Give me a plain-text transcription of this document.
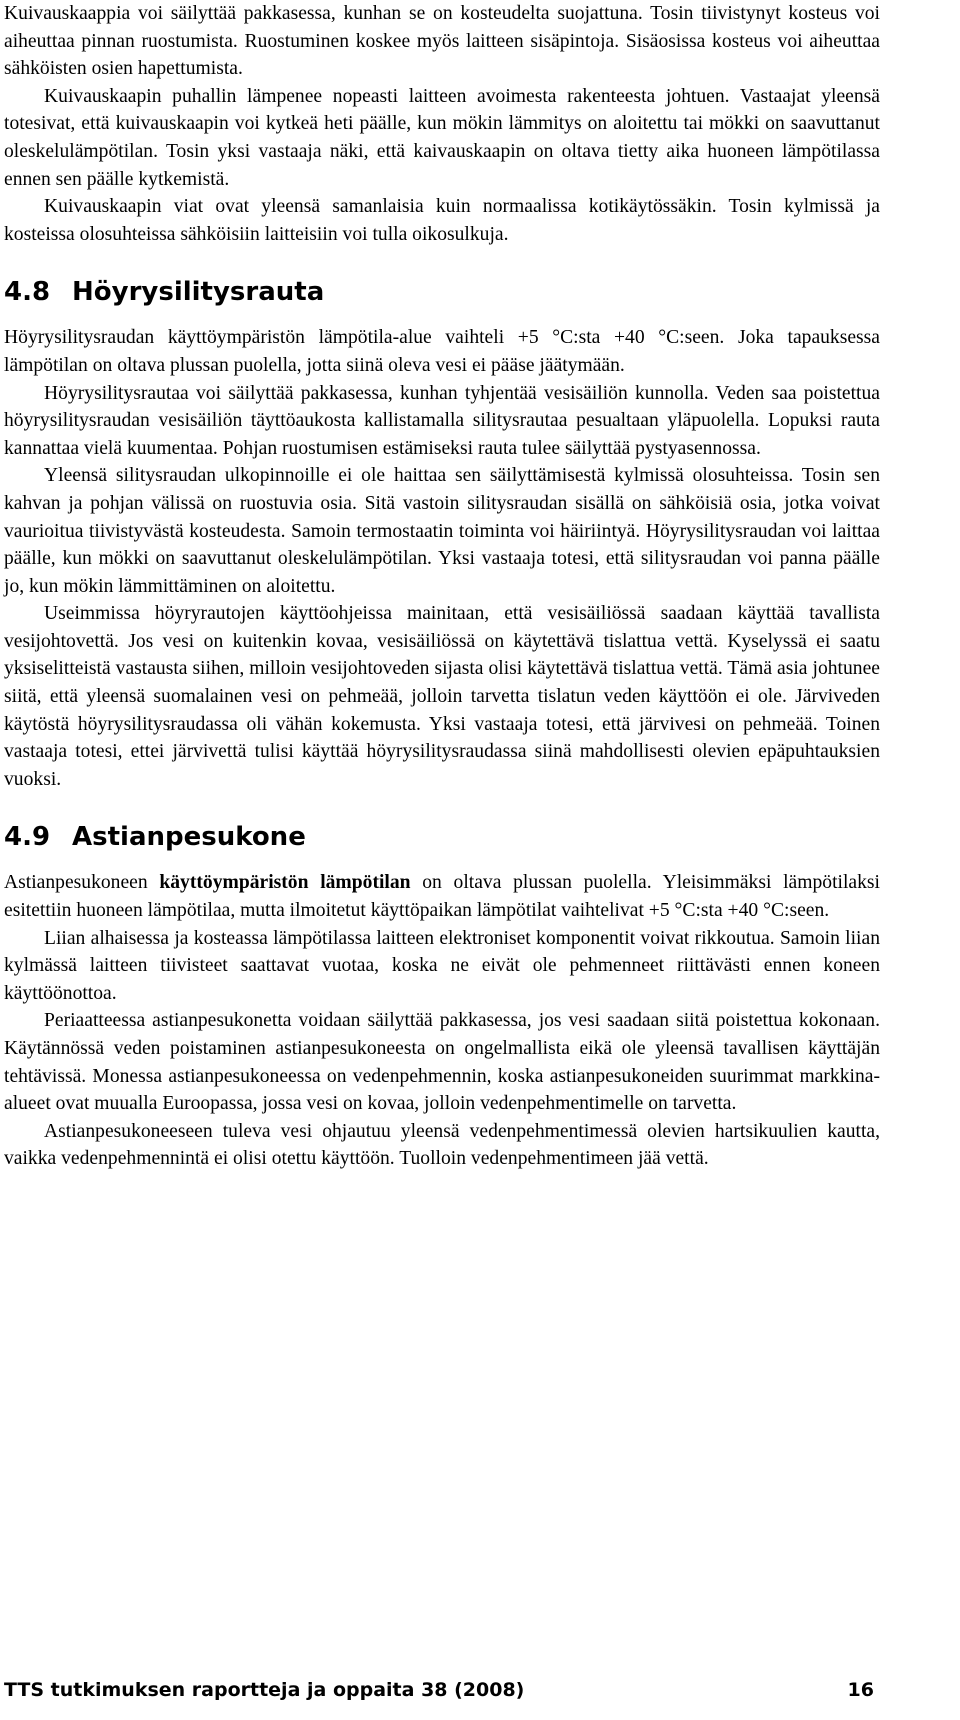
Kuivauskaappia voi säilyttää pakkasessa, kunhan se on kosteudelta suojattuna. Tosin tiivistynyt kosteus voi aiheuttaa pinnan ruostumista. Ruostuminen koskee myös laitteen sisäpintoja. Sisäosissa kosteus voi aiheuttaa sähköisten osien hapettumista.

Kuivauskaapin puhallin lämpenee nopeasti laitteen avoimesta rakenteesta johtuen. Vastaajat yleensä totesivat, että kuivauskaapin voi kytkeä heti päälle, kun mökin lämmitys on aloitettu tai mökki on saavuttanut oleskelulämpötilan. Tosin yksi vastaaja näki, että kaivauskaapin on oltava tietty aika huoneen lämpötilassa ennen sen päälle kytkemistä.

Kuivauskaapin viat ovat yleensä samanlaisia kuin normaalissa kotikäytössäkin. Tosin kylmissä ja kosteissa olosuhteissa sähköisiin laitteisiin voi tulla oikosulkuja.

4.8 Höyrysilitysrauta

Höyrysilitysraudan käyttöympäristön lämpötila-alue vaihteli +5 °C:sta +40 °C:seen. Joka tapauksessa lämpötilan on oltava plussan puolella, jotta siinä oleva vesi ei pääse jäätymään.

Höyrysilitysrautaa voi säilyttää pakkasessa, kunhan tyhjentää vesisäiliön kunnolla. Veden saa poistettua höyrysilitysraudan vesisäiliön täyttöaukosta kallistamalla silitysrautaa pesualtaan yläpuolella. Lopuksi rauta kannattaa vielä kuumentaa. Pohjan ruostumisen estämiseksi rauta tulee säilyttää pystyasennossa.

Yleensä silitysraudan ulkopinnoille ei ole haittaa sen säilyttämisestä kylmissä olosuhteissa. Tosin sen kahvan ja pohjan välissä on ruostuvia osia. Sitä vastoin silitysraudan sisällä on sähköisiä osia, jotka voivat vaurioitua tiivistyvästä kosteudesta. Samoin termostaatin toiminta voi häiriintyä. Höyrysilitysraudan voi laittaa päälle, kun mökki on saavuttanut oleskelulämpötilan. Yksi vastaaja totesi, että silitysraudan voi panna päälle jo, kun mökin lämmittäminen on aloitettu.

Useimmissa höyryrautojen käyttöohjeissa mainitaan, että vesisäiliössä saadaan käyttää tavallista vesijohtovettä. Jos vesi on kuitenkin kovaa, vesisäiliössä on käytettävä tislattua vettä. Kyselyssä ei saatu yksiselitteistä vastausta siihen, milloin vesijohtoveden sijasta olisi käytettävä tislattua vettä. Tämä asia johtunee siitä, että yleensä suomalainen vesi on pehmeää, jolloin tarvetta tislatun veden käyttöön ei ole. Järviveden käytöstä höyrysilitysraudassa oli vähän kokemusta. Yksi vastaaja totesi, että järvivesi on pehmeää. Toinen vastaaja totesi, ettei järvivettä tulisi käyttää höyrysilitysraudassa siinä mahdollisesti olevien epäpuhtauksien vuoksi.

4.9 Astianpesukone

Astianpesukoneen käyttöympäristön lämpötilan on oltava plussan puolella. Yleisimmäksi lämpötilaksi esitettiin huoneen lämpötilaa, mutta ilmoitetut käyttöpaikan lämpötilat vaihtelivat +5 °C:sta +40 °C:seen.

Liian alhaisessa ja kosteassa lämpötilassa laitteen elektroniset komponentit voivat rikkoutua. Samoin liian kylmässä laitteen tiivisteet saattavat vuotaa, koska ne eivät ole pehmenneet riittävästi ennen koneen käyttöönottoa.

Periaatteessa astianpesukonetta voidaan säilyttää pakkasessa, jos vesi saadaan siitä poistettua kokonaan. Käytännössä veden poistaminen astianpesukoneesta on ongelmallista eikä ole yleensä tavallisen käyttäjän tehtävissä. Monessa astianpesukoneessa on vedenpehmennin, koska astianpesukoneiden suurimmat markkina-alueet ovat muualla Euroopassa, jossa vesi on kovaa, jolloin vedenpehmentimelle on tarvetta.

Astianpesukoneeseen tuleva vesi ohjautuu yleensä vedenpehmentimessä olevien hartsikuulien kautta, vaikka vedenpehmennintä ei olisi otettu käyttöön. Tuolloin vedenpehmentimeen jää vettä.

TTS tutkimuksen raportteja ja oppaita 38 (2008)	16
